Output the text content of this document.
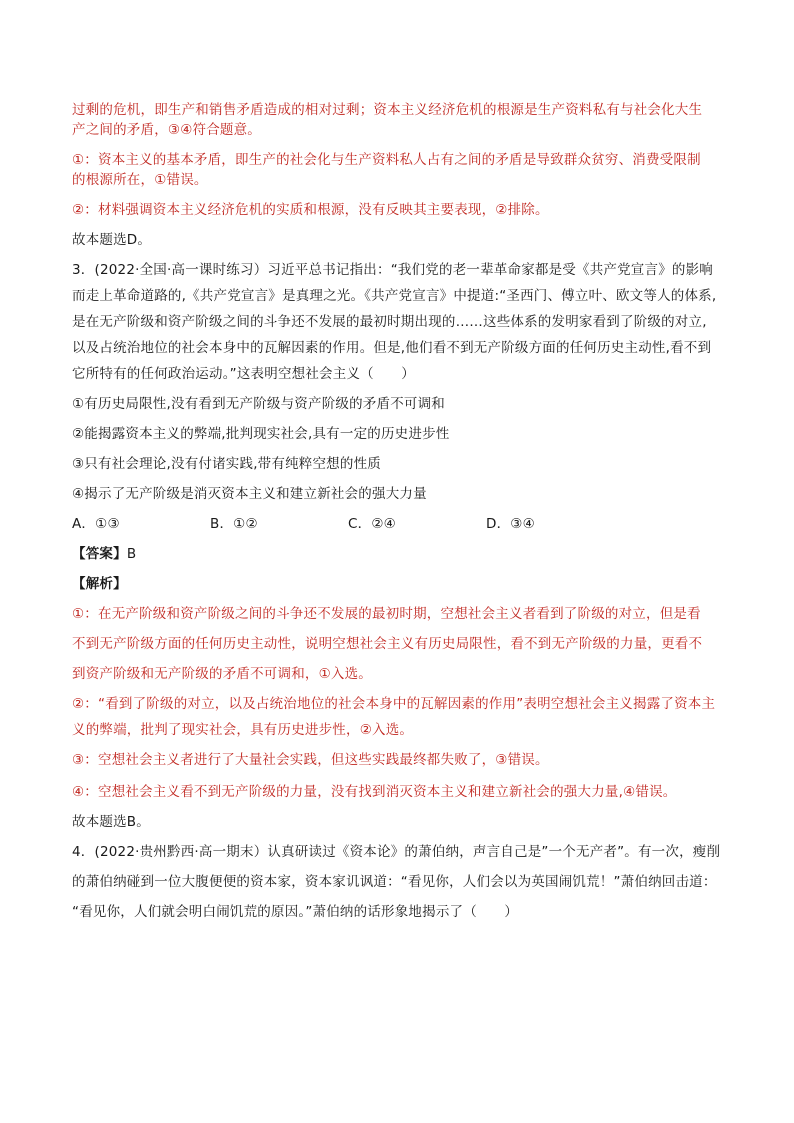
过剩的危机，即生产和销售矛盾造成的相对过剩；资本主义经济危机的根源是生产资料私有与社会化大生

产之间的矛盾，③④符合题意。

①：资本主义的基本矛盾，即生产的社会化与生产资料私人占有之间的矛盾是导致群众贫穷、消费受限制

的根源所在，①错误。

②：材料强调资本主义经济危机的实质和根源，没有反映其主要表现，②排除。

故本题选D。

3．(2022·全国·高一课时练习）习近平总书记指出：“我们党的老一辈革命家都是受《共产党宣言》的影响

而走上革命道路的,《共产党宣言》是真理之光。《共产党宣言》中提道:“圣西门、傅立叶、欧文等人的体系,

是在无产阶级和资产阶级之间的斗争还不发展的最初时期出现的……这些体系的发明家看到了阶级的对立,

以及占统治地位的社会本身中的瓦解因素的作用。但是,他们看不到无产阶级方面的任何历史主动性,看不到

它所特有的任何政治运动。”这表明空想社会主义（　　）

①有历史局限性,没有看到无产阶级与资产阶级的矛盾不可调和

②能揭露资本主义的弊端,批判现实社会,具有一定的历史进步性

③只有社会理论,没有付诸实践,带有纯粹空想的性质

④揭示了无产阶级是消灭资本主义和建立新社会的强大力量

A．①③	B．①②	C．②④	D．③④

【答案】B

【解析】

①：在无产阶级和资产阶级之间的斗争还不发展的最初时期，空想社会主义者看到了阶级的对立，但是看

不到无产阶级方面的任何历史主动性，说明空想社会主义有历史局限性，看不到无产阶级的力量，更看不

到资产阶级和无产阶级的矛盾不可调和，①入选。

②：“看到了阶级的对立，以及占统治地位的社会本身中的瓦解因素的作用”表明空想社会主义揭露了资本主

义的弊端，批判了现实社会，具有历史进步性，②入选。

③：空想社会主义者进行了大量社会实践，但这些实践最终都失败了，③错误。

④：空想社会主义看不到无产阶级的力量，没有找到消灭资本主义和建立新社会的强大力量,④错误。

故本题选B。

4．(2022·贵州黔西·高一期末）认真研读过《资本论》的萧伯纳，声言自己是”一个无产者”。有一次，瘦削

的萧伯纳碰到一位大腹便便的资本家，资本家讥讽道：“看见你，人们会以为英国闹饥荒！”萧伯纳回击道：

“看见你，人们就会明白闹饥荒的原因。”萧伯纳的话形象地揭示了（　　）
